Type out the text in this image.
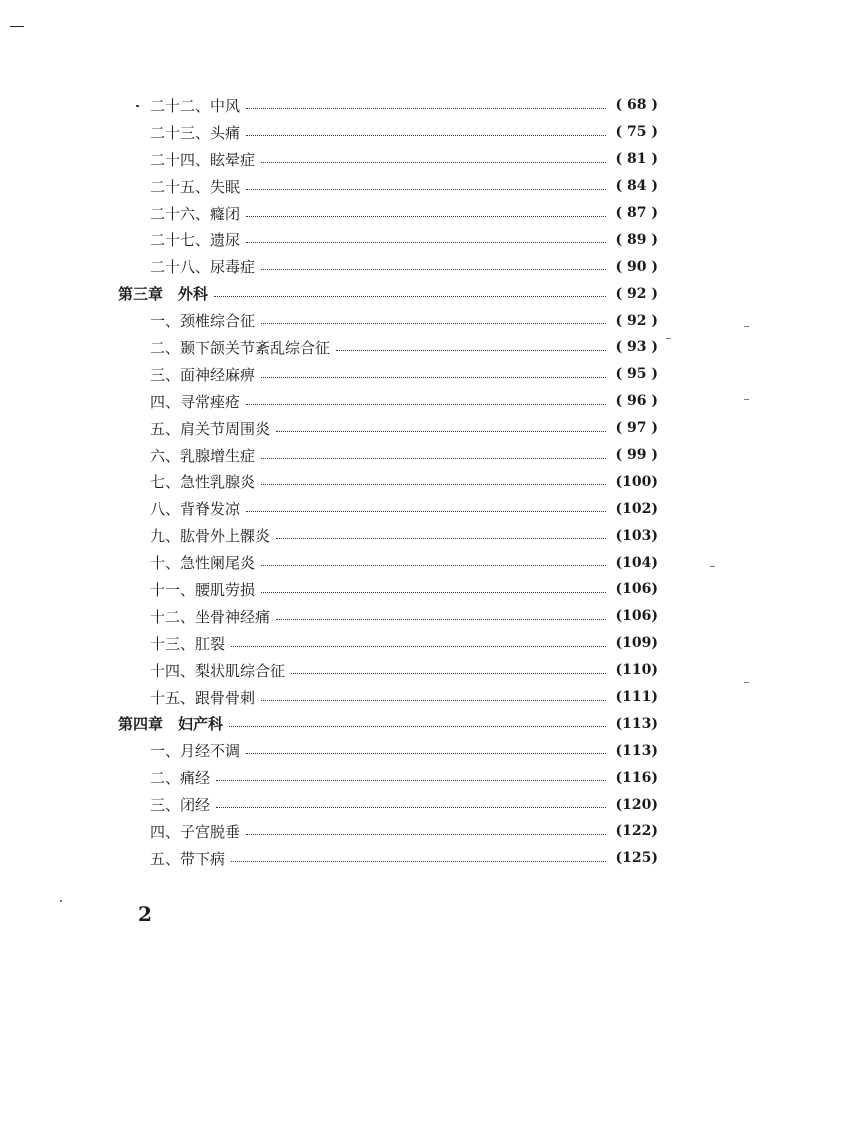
二十二、中风	( 68 )
二十三、头痛	( 75 )
二十四、眩晕症	( 81 )
二十五、失眠	( 84 )
二十六、癃闭	( 87 )
二十七、遗尿	( 89 )
二十八、尿毒症	( 90 )
第三章　外科	( 92 )
一、颈椎综合征	( 92 )
二、颞下颌关节紊乱综合征	( 93 )
三、面神经麻痹	( 95 )
四、寻常痤疮	( 96 )
五、肩关节周围炎	( 97 )
六、乳腺增生症	( 99 )
七、急性乳腺炎	(100)
八、背脊发凉	(102)
九、肱骨外上髁炎	(103)
十、急性阑尾炎	(104)
十一、腰肌劳损	(106)
十二、坐骨神经痛	(106)
十三、肛裂	(109)
十四、梨状肌综合征	(110)
十五、跟骨骨刺	(111)
第四章　妇产科	(113)
一、月经不调	(113)
二、痛经	(116)
三、闭经	(120)
四、子宫脱垂	(122)
五、带下病	(125)
2
